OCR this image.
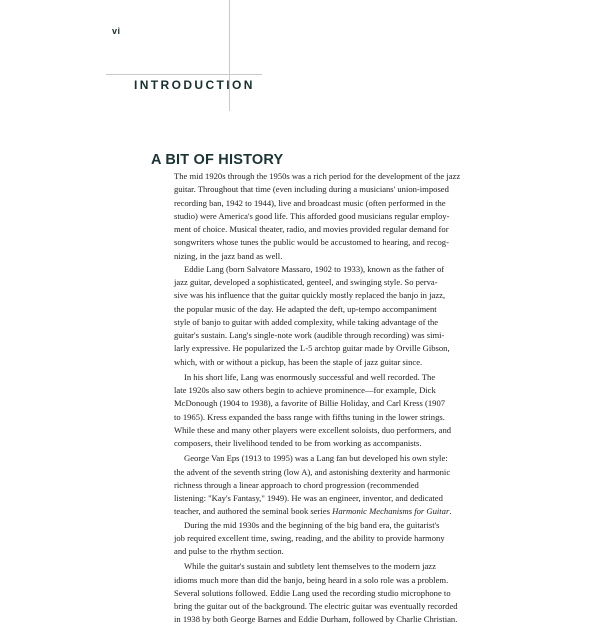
vi
INTRODUCTION
A BIT OF HISTORY
The mid 1920s through the 1950s was a rich period for the development of the jazz
guitar. Throughout that time (even including during a musicians' union-imposed
recording ban, 1942 to 1944), live and broadcast music (often performed in the
studio) were America's good life. This afforded good musicians regular employ-
ment of choice. Musical theater, radio, and movies provided regular demand for
songwriters whose tunes the public would be accustomed to hearing, and recog-
nizing, in the jazz band as well.
Eddie Lang (born Salvatore Massaro, 1902 to 1933), known as the father of
jazz guitar, developed a sophisticated, genteel, and swinging style. So perva-
sive was his influence that the guitar quickly mostly replaced the banjo in jazz,
the popular music of the day. He adapted the deft, up-tempo accompaniment
style of banjo to guitar with added complexity, while taking advantage of the
guitar's sustain. Lang's single-note work (audible through recording) was simi-
larly expressive. He popularized the L-5 archtop guitar made by Orville Gibson,
which, with or without a pickup, has been the staple of jazz guitar since.
In his short life, Lang was enormously successful and well recorded. The
late 1920s also saw others begin to achieve prominence—for example, Dick
McDonough (1904 to 1938), a favorite of Billie Holiday, and Carl Kress (1907
to 1965). Kress expanded the bass range with fifths tuning in the lower strings.
While these and many other players were excellent soloists, duo performers, and
composers, their livelihood tended to be from working as accompanists.
George Van Eps (1913 to 1995) was a Lang fan but developed his own style:
the advent of the seventh string (low A), and astonishing dexterity and harmonic
richness through a linear approach to chord progression (recommended
listening: "Kay's Fantasy," 1949). He was an engineer, inventor, and dedicated
teacher, and authored the seminal book series Harmonic Mechanisms for Guitar.
During the mid 1930s and the beginning of the big band era, the guitarist's
job required excellent time, swing, reading, and the ability to provide harmony
and pulse to the rhythm section.
While the guitar's sustain and subtlety lent themselves to the modern jazz
idioms much more than did the banjo, being heard in a solo role was a problem.
Several solutions followed. Eddie Lang used the recording studio microphone to
bring the guitar out of the background. The electric guitar was eventually recorded
in 1938 by both George Barnes and Eddie Durham, followed by Charlie Christian.
